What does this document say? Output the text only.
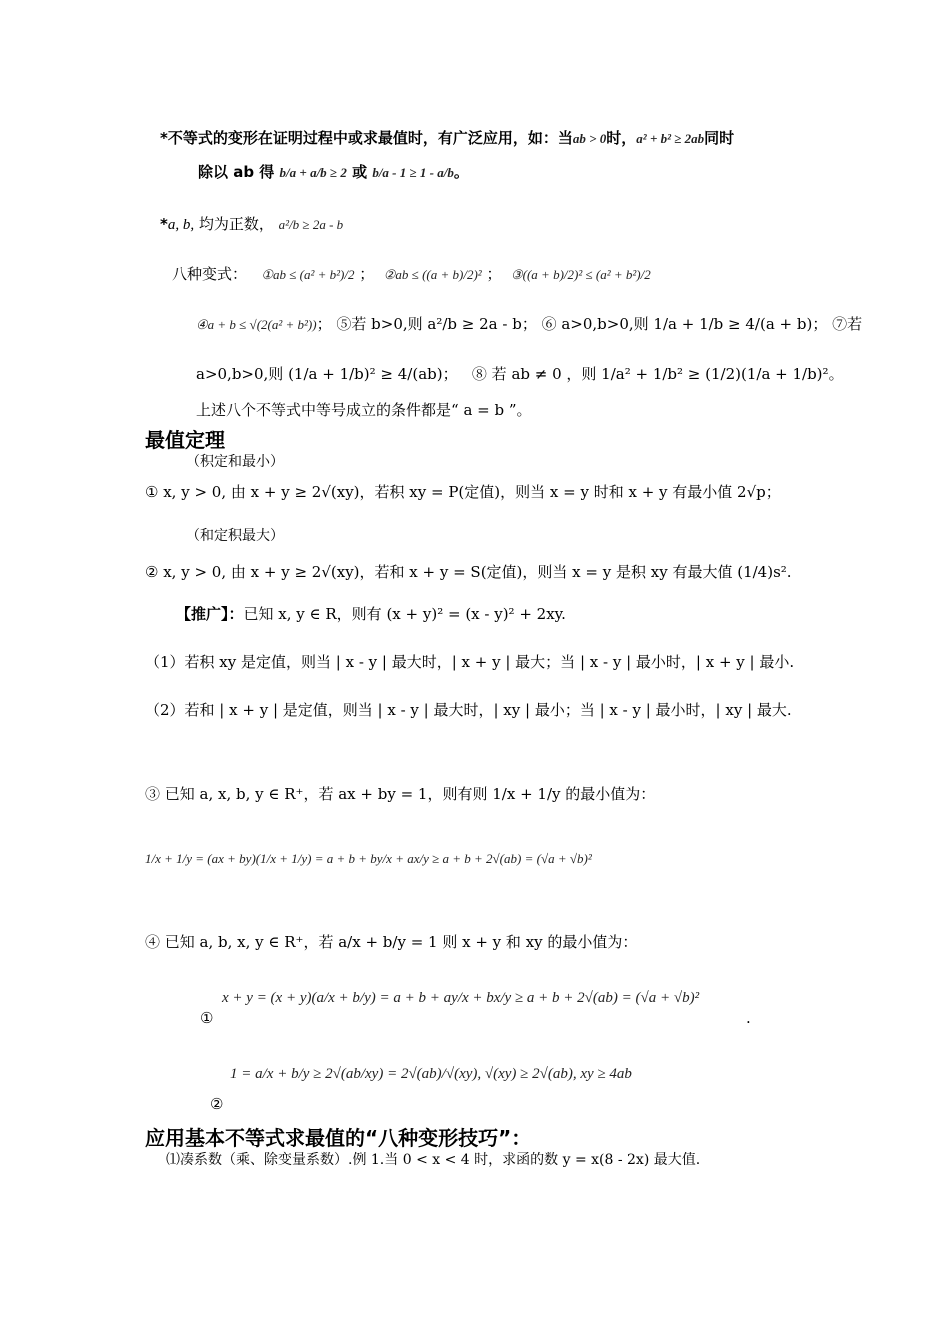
*不等式的变形在证明过程中或求最值时，有广泛应用，如：当ab > 0时，a² + b² ≥ 2ab同时
除以 ab 得 b/a + a/b ≥ 2 或 b/a - 1 ≥ 1 - a/b。
*a, b, 均为正数， a²/b ≥ 2a - b
八种变式： ①ab ≤ (a² + b²)/2 ；  ②ab ≤ ((a + b)/2)² ；  ③((a + b)/2)² ≤ (a² + b²)/2
④a + b ≤ √(2(a² + b²))； ⑤若 b>0,则 a²/b ≥ 2a - b； ⑥ a>0,b>0,则 1/a + 1/b ≥ 4/(a + b)； ⑦若
a>0,b>0,则 (1/a + 1/b)² ≥ 4/(ab)；   ⑧ 若 ab ≠ 0 ，则 1/a² + 1/b² ≥ (1/2)(1/a + 1/b)²。
上述八个不等式中等号成立的条件都是“ a = b ”。
最值定理
（积定和最小）
① x, y > 0, 由 x + y ≥ 2√(xy)，若积 xy = P(定值)，则当 x = y 时和 x + y 有最小值 2√p；
（和定积最大）
② x, y > 0, 由 x + y ≥ 2√(xy)，若和 x + y = S(定值)，则当 x = y 是积 xy 有最大值 (1/4)s².
【推广】：已知 x, y ∈ R，则有 (x + y)² = (x - y)² + 2xy.
（1）若积 xy 是定值，则当 | x - y | 最大时，| x + y | 最大；当 | x - y | 最小时，| x + y | 最小.
（2）若和 | x + y | 是定值，则当 | x - y | 最大时，| xy | 最小；当 | x - y | 最小时，| xy | 最大.
③ 已知 a, x, b, y ∈ R⁺，若 ax + by = 1，则有则 1/x + 1/y 的最小值为：
1/x + 1/y = (ax + by)(1/x + 1/y) = a + b + by/x + ax/y ≥ a + b + 2√(ab) = (√a + √b)²
④ 已知 a, b, x, y ∈ R⁺，若 a/x + b/y = 1 则 x + y 和 xy 的最小值为：
①
x + y = (x + y)(a/x + b/y) = a + b + ay/x + bx/y ≥ a + b + 2√(ab) = (√a + √b)²
.
②
1 = a/x + b/y ≥ 2√(ab/xy) = 2√(ab)/√(xy), √(xy) ≥ 2√(ab), xy ≥ 4ab
应用基本不等式求最值的“八种变形技巧”：
⑴凑系数（乘、除变量系数）.例 1.当 0 < x < 4 时，求函的数 y = x(8 - 2x) 最大值.
